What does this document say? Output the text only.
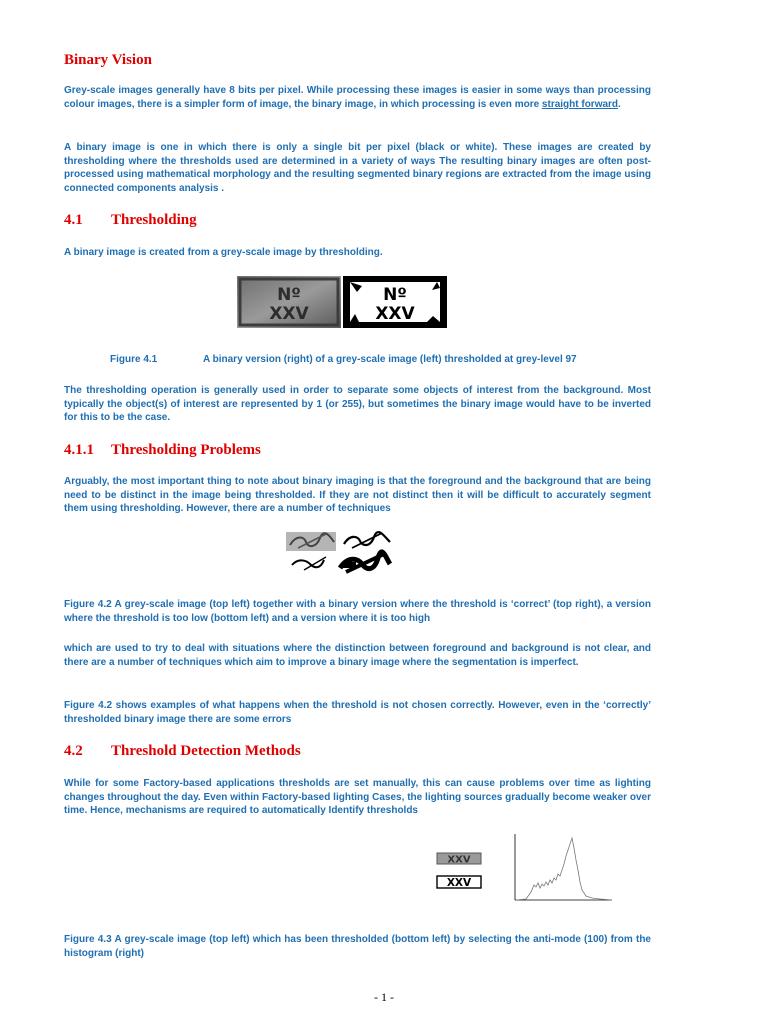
Binary Vision

Grey-scale images generally have 8 bits per pixel. While processing these images is easier in some ways than processing colour images, there is a simpler form of image, the binary image, in which processing is even more straight forward.

A binary image is one in which there is only a single bit per pixel (black or white). These images are created by thresholding where the thresholds used are determined in a variety of ways The resulting binary images are often post-processed using mathematical morphology and the resulting segmented binary regions are extracted from the image using connected components analysis .

4.1 Thresholding

A binary image is created from a grey-scale image by thresholding.

Nº
XXV
Nº
XXV

Figure 4.1	A binary version (right) of a grey-scale image (left) thresholded at grey-level 97

The thresholding operation is generally used in order to separate some objects of interest from the background. Most typically the object(s) of interest are represented by 1 (or 255), but sometimes the binary image would have to be inverted for this to be the case.

4.1.1 Thresholding Problems

Arguably, the most important thing to note about binary imaging is that the foreground and the background that are being need to be distinct in the image being thresholded. If they are not distinct then it will be difficult to accurately segment them using thresholding. However, there are a number of techniques

Figure 4.2 A grey-scale image (top left) together with a binary version where the threshold is ‘correct’ (top right), a version where the threshold is too low (bottom left) and a version where it is too high

which are used to try to deal with situations where the distinction between foreground and background is not clear, and there are a number of techniques which aim to improve a binary image where the segmentation is imperfect.

Figure 4.2 shows examples of what happens when the threshold is not chosen correctly. However, even in the ‘correctly’ thresholded binary image there are some errors

4.2 Threshold Detection Methods

While for some Factory-based applications thresholds are set manually, this can cause problems over time as lighting changes throughout the day. Even within Factory-based lighting Cases, the lighting sources gradually become weaker over time. Hence, mechanisms are required to automatically Identify thresholds

XXV
XXV

Figure 4.3 A grey-scale image (top left) which has been thresholded (bottom left) by selecting the anti-mode (100) from the histogram (right)

- 1 -
